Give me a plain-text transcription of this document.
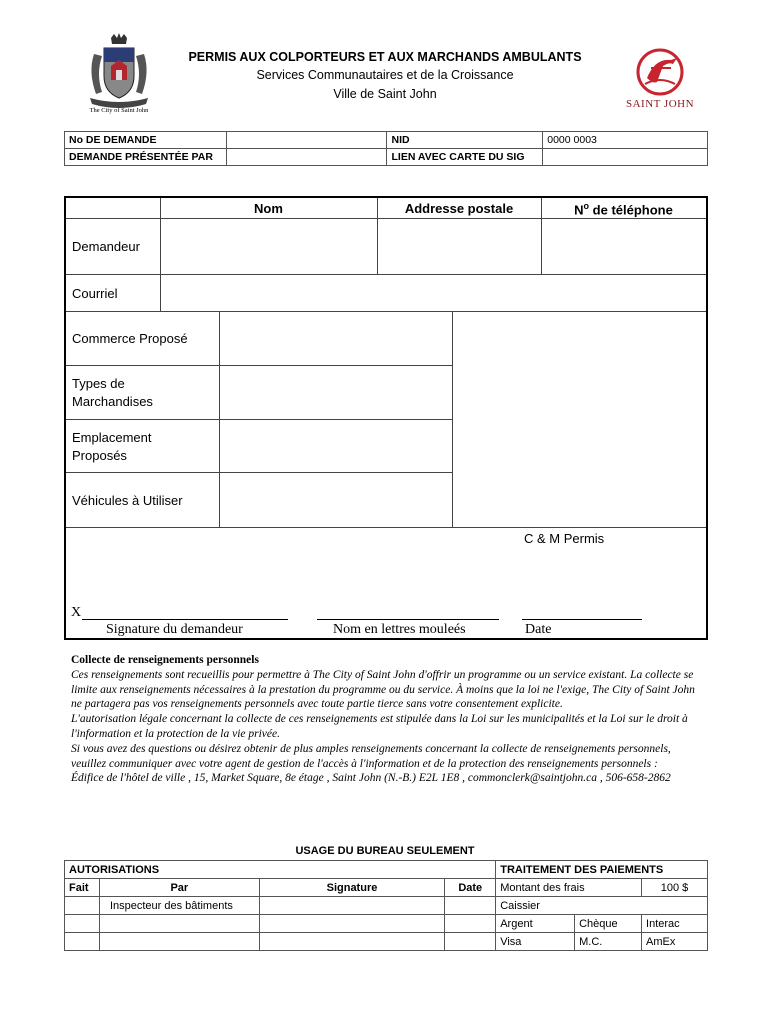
PERMIS AUX COLPORTEURS ET AUX MARCHANDS AMBULANTS
Services Communautaires et de la Croissance
Ville de Saint John
The City of Saint John
SAINT JOHN
No DE DEMANDE		NID	0000 0003
DEMANDE PRÉSENTÉE PAR		LIEN AVEC CARTE DU SIG	
Nom	Addresse postale	$N^o$ de téléphone
Demandeur
Courriel
Commerce Proposé
Types de
Marchandises
Emplacement
Proposés
Véhicules à Utiliser
C & M Permis
X
Signature du demandeur	Nom en lettres mouleés	Date
Collecte de renseignements personnels

Ces renseignements sont recueillis pour permettre à The City of Saint John d'offrir un programme ou un service existant. La collecte se limite aux renseignements nécessaires à la prestation du programme ou du service. À moins que la loi ne l'exige, The City of Saint John ne partagera pas vos renseignements personnels avec toute partie tierce sans votre consentement explicite.

L'autorisation légale concernant la collecte de ces renseignements est stipulée dans la Loi sur les municipalités et la Loi sur le droit à l'information et la protection de la vie privée.

Si vous avez des questions ou désirez obtenir de plus amples renseignements concernant la collecte de renseignements personnels, veuillez communiquer avec votre agent de gestion de l'accès à l'information et de la protection des renseignements personnels :

Édifice de l'hôtel de ville , 15, Market Square, 8e étage , Saint John (N.-B.) E2L 1E8 , commonclerk@saintjohn.ca , 506-658-2862

USAGE DU BUREAU SEULEMENT
AUTORISATIONS				TRAITEMENT DES PAIEMENTS		
Fait	Par	Signature	Date	Montant des frais		100 $
	Inspecteur des bâtiments			Caissier		
				Argent	Chèque	Interac
				Visa	M.C.	AmEx
